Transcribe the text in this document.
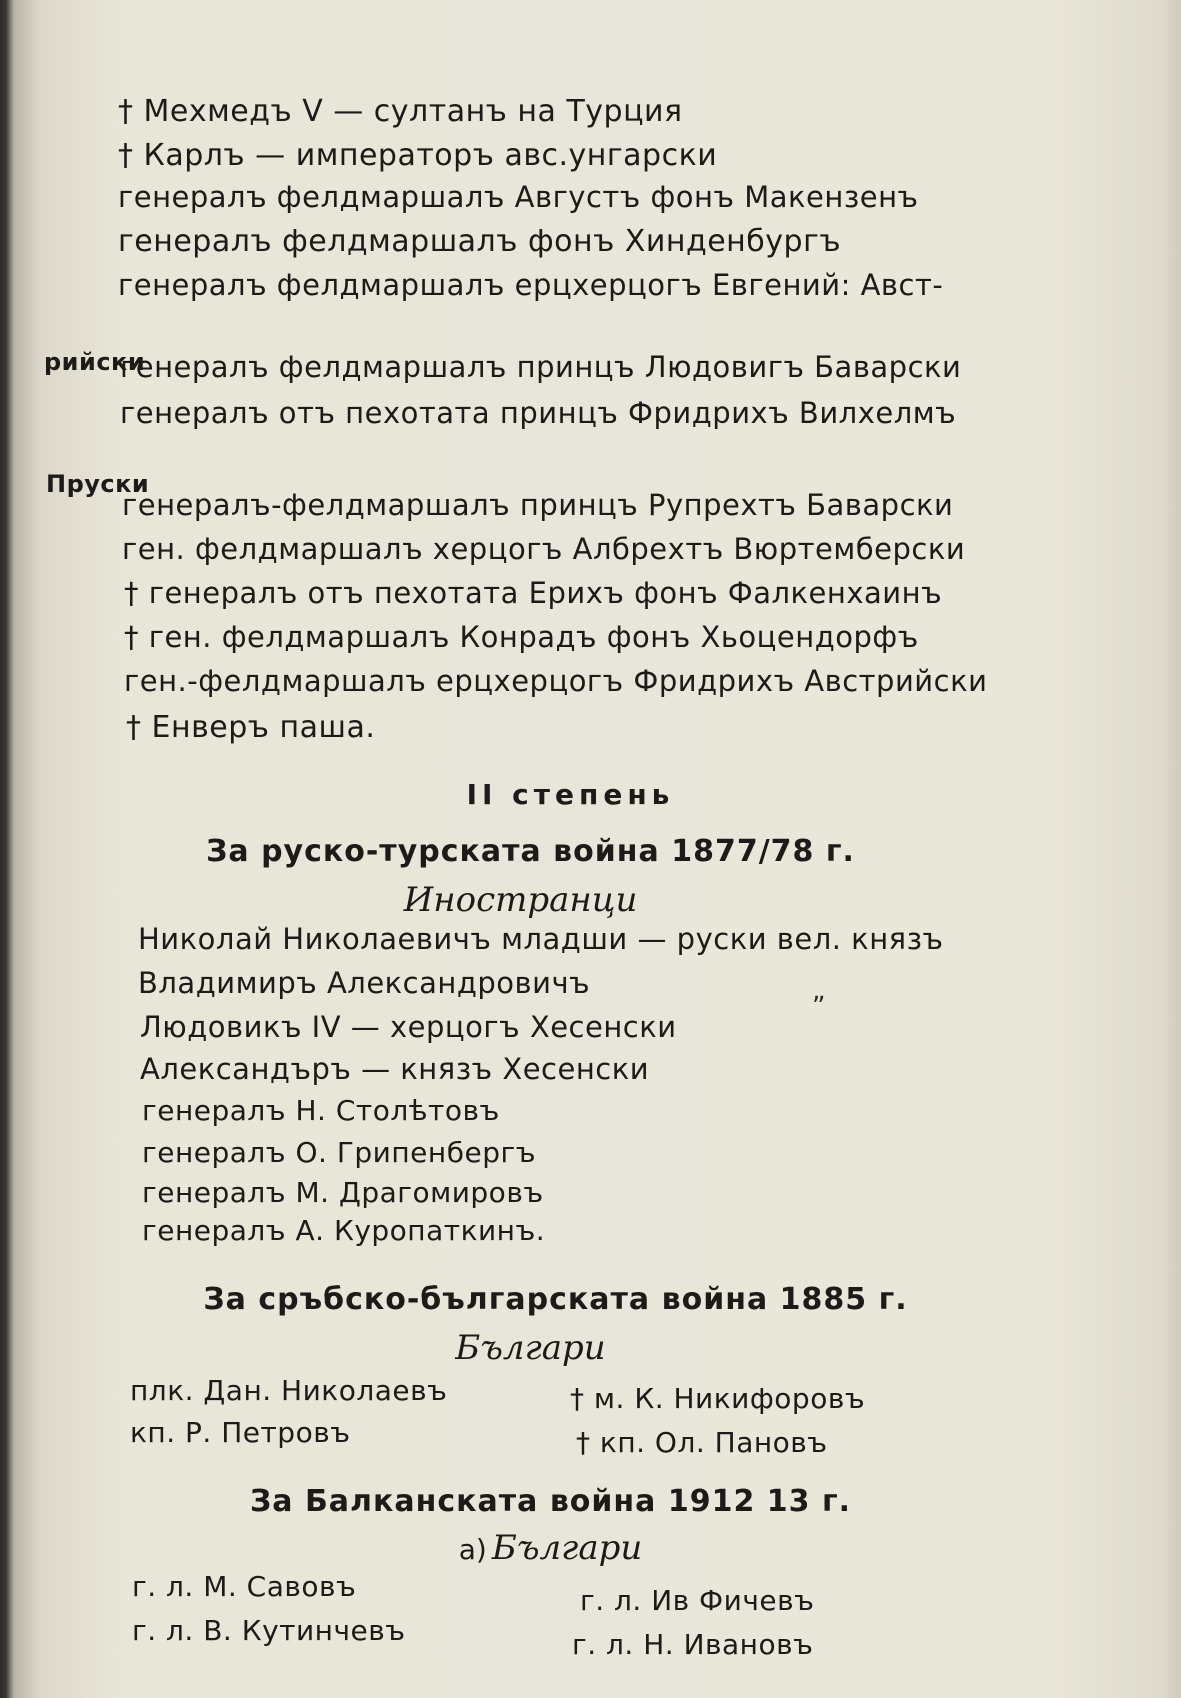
† Мехмедъ V — султанъ на Турция
† Карлъ — императоръ авс.унгарски
генералъ фелдмаршалъ Августъ фонъ Макензенъ
генералъ фелдмаршалъ фонъ Хинденбургъ
генералъ фелдмаршалъ ерцхерцогъ Евгений: Авст-
рийски
генералъ фелдмаршалъ принцъ Людовигъ Баварски
генералъ отъ пехотата принцъ Фридрихъ Вилхелмъ
Пруски
генералъ-фелдмаршалъ принцъ Рупрехтъ Баварски
ген. фелдмаршалъ херцогъ Албрехтъ Вюртемберски
† генералъ отъ пехотата Ерихъ фонъ Фалкенхаинъ
† ген. фелдмаршалъ Конрадъ фонъ Хьоцендорфъ
ген.-фелдмаршалъ ерцхерцогъ Фридрихъ Австрийски
† Енверъ паша.
II степень
За руско-турската война 1877/78 г.
Иностранци
Николай Николаевичъ младши — руски вел. князъ
Владимиръ Александровичъ	„
Людовикъ IV — херцогъ Хесенски
Александъръ — князъ Хесенски
генералъ Н. Столѣтовъ
генералъ О. Грипенбергъ
генералъ М. Драгомировъ
генералъ А. Куропаткинъ.
За сръбско-българската война 1885 г.
Българи
плк. Дан. Николаевъ
кп. Р. Петровъ
† м. К. Никифоровъ
† кп. Ол. Пановъ
За Балканската война 1912 13 г.
а) Българи
г. л. М. Савовъ
г. л. В. Кутинчевъ
г. л. Ив Фичевъ
г. л. Н. Ивановъ
